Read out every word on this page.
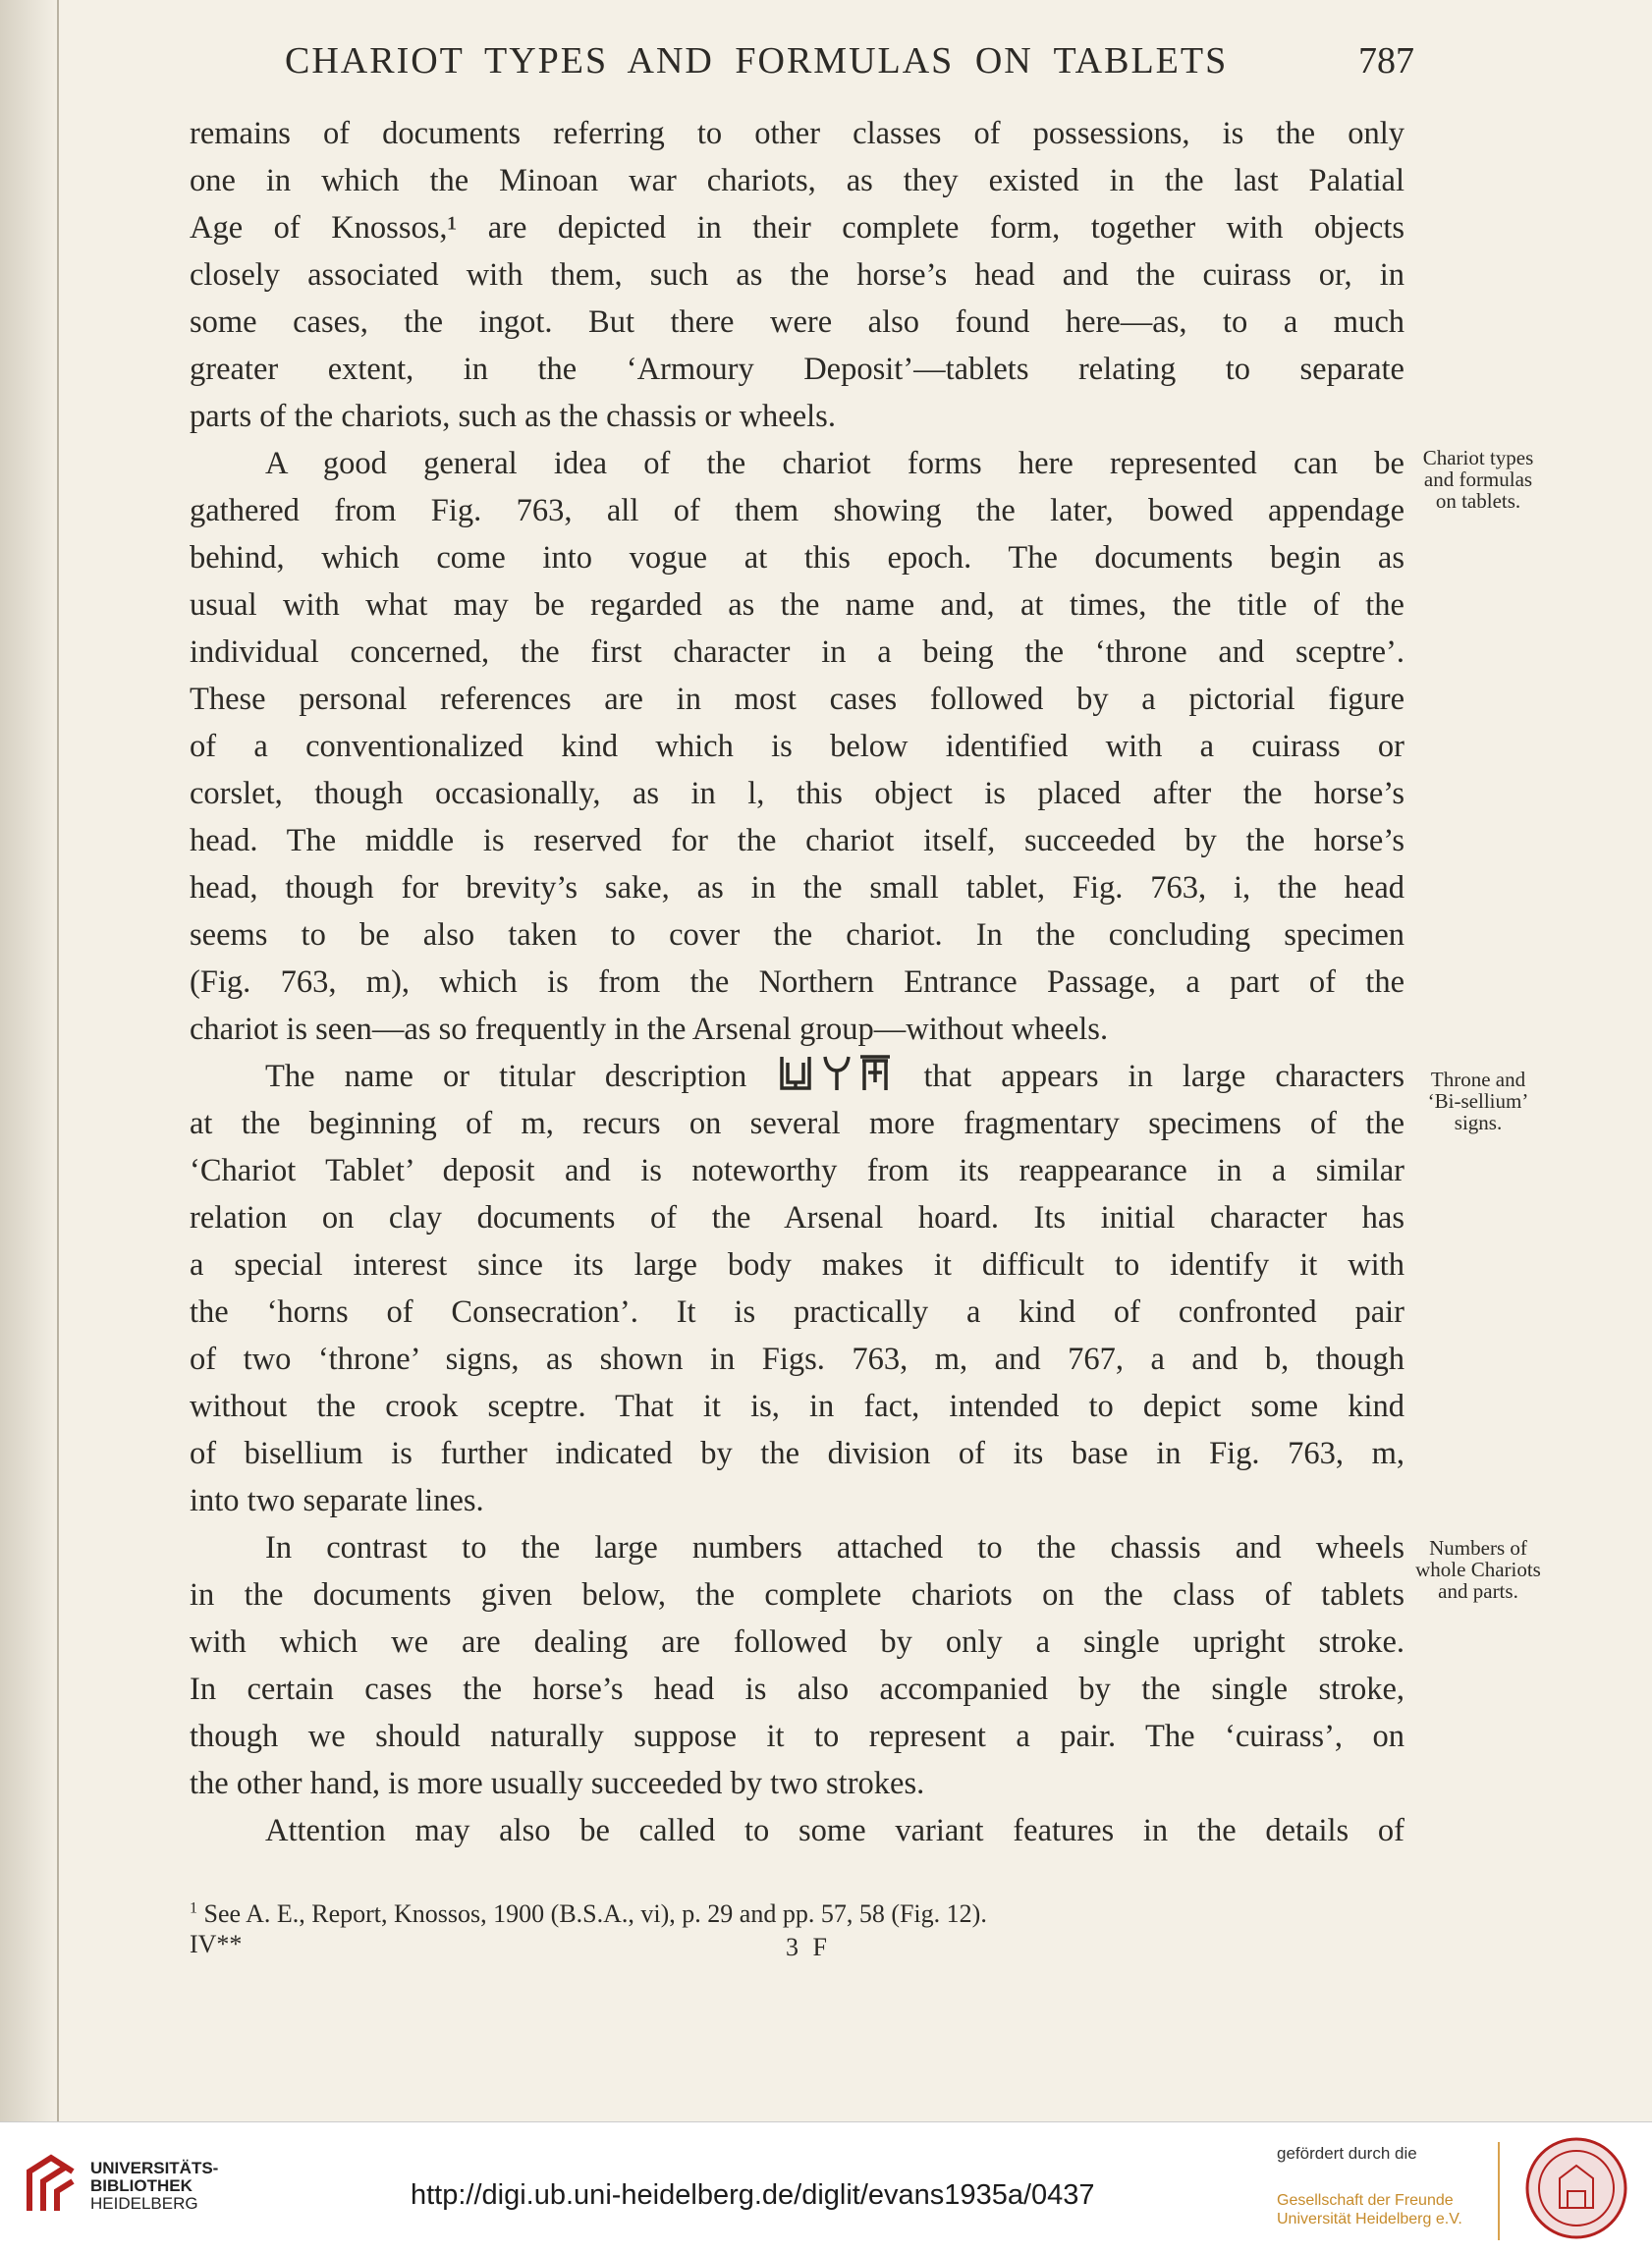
CHARIOT TYPES AND FORMULAS ON TABLETS	787
remains of documents referring to other classes of possessions, is the only
one in which the Minoan war chariots, as they existed in the last Palatial
Age of Knossos,¹ are depicted in their complete form, together with objects
closely associated with them, such as the horse’s head and the cuirass or, in
some cases, the ingot. But there were also found here—as, to a much
greater extent, in the ‘Armoury Deposit’—tablets relating to separate
parts of the chariots, such as the chassis or wheels.
A good general idea of the chariot forms here represented can be
gathered from Fig. 763, all of them showing the later, bowed appendage
behind, which come into vogue at this epoch. The documents begin as
usual with what may be regarded as the name and, at times, the title of the
individual concerned, the first character in a being the ‘throne and sceptre’.
These personal references are in most cases followed by a pictorial figure
of a conventionalized kind which is below identified with a cuirass or
corslet, though occasionally, as in l, this object is placed after the horse’s
head. The middle is reserved for the chariot itself, succeeded by the horse’s
head, though for brevity’s sake, as in the small tablet, Fig. 763, i, the head
seems to be also taken to cover the chariot. In the concluding specimen
(Fig. 763, m), which is from the Northern Entrance Passage, a part of the
chariot is seen—as so frequently in the Arsenal group—without wheels.
The name or titular description	that appears in large characters
at the beginning of m, recurs on several more fragmentary specimens of the
‘Chariot Tablet’ deposit and is noteworthy from its reappearance in a similar
relation on clay documents of the Arsenal hoard. Its initial character has
a special interest since its large body makes it difficult to identify it with
the ‘horns of Consecration’. It is practically a kind of confronted pair
of two ‘throne’ signs, as shown in Figs. 763, m, and 767, a and b, though
without the crook sceptre. That it is, in fact, intended to depict some kind
of bisellium is further indicated by the division of its base in Fig. 763, m,
into two separate lines.
In contrast to the large numbers attached to the chassis and wheels
in the documents given below, the complete chariots on the class of tablets
with which we are dealing are followed by only a single upright stroke.
In certain cases the horse’s head is also accompanied by the single stroke,
though we should naturally suppose it to represent a pair. The ‘cuirass’, on
the other hand, is more usually succeeded by two strokes.
Attention may also be called to some variant features in the details of
Chariot types and formulas on tablets.
Throne and ‘Bi-sellium’ signs.
Numbers of whole Chariots and parts.
$^1$ See A. E., Report, Knossos, 1900 (B.S.A., vi), p. 29 and pp. 57, 58 (Fig. 12).
IV**	3 F
UNIVERSITÄTS-
BIBLIOTHEK
HEIDELBERG	http://digi.ub.uni-heidelberg.de/diglit/evans1935a/0437
gefördert durch die
Gesellschaft der Freunde
Universität Heidelberg e.V.
